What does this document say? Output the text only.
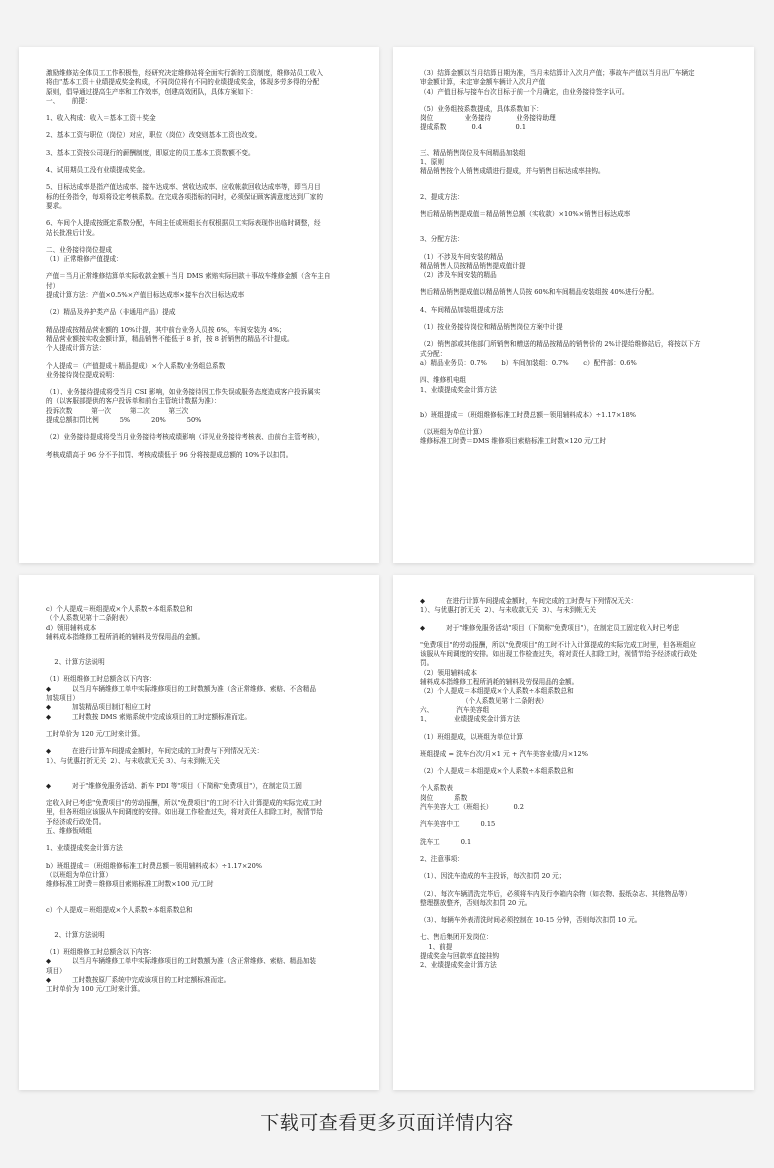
激励维修站全体员工工作积极性，经研究决定维修站将全面实行新的工资制度，维修站员工收入
将由"基本工资＋业绩提成奖金构成，不同岗位将有不同的业绩提成奖金，体现多劳多得的分配
原则，倡导通过提高生产率和工作效率，创建高效团队，具体方案如下：
一、      前提：
1、收入构成：收入＝基本工资＋奖金
2、基本工资与职位（岗位）对应，职位（岗位）改变则基本工资也改变。
3、基本工资按公司现行的薪酬制度，即原定的员工基本工资数额不变。
4、试用期员工没有业绩提成奖金。
5、目标达成率是指产值达成率、接车达成率、营收达成率、应收帐款回收达成率等，即当月目
标的任务指令，每项将设定考核系数。在完成各项指标的同时，必须保证顾客满意度达到厂家的
要求。
6、车间个人提成按既定系数分配，车间主任或班组长有权根据员工实际表现作出临时调整，经
站长批准后计发。
二、业务接待岗位提成
（1）正常维修产值提成：
产值＝当月正常维修结算单实际收款金额＋当月 DMS 索赔实际回款＋事故车维修金额（含车主自
付）
提成计算方法：产值×0.5%×产值目标达成率×接车台次目标达成率
（2）精品及养护类产品（非通用产品）提成
精品提成按精品营业额的 10%计提，其中前台业务人员按 6%，车间安装为 4%；
精品营业额按实收金额计算，精品销售不能低于 8 折，按 8 折销售的精品不计提成。
个人提成计算方法：
个人提成＝（产值提成＋精品提成）×个人系数/业务组总系数
业务接待岗位提成说明：
（1）、业务接待提成将受当月 CSI 影响，如业务接待因工作失误或服务态度造成客户投诉属实
的（以客服部提供的客户投诉单和前台主管统计数据为准）：
投诉次数         第一次         第二次         第三次
提成总额扣罚比例          5%          20%          50%
（2）业务接待提成将受当月业务接待考核成绩影响（详见业务接待考核表、由前台主管考核），
考核成绩高于 96 分不予扣罚、考核成绩低于 96 分将按提成总额的 10%予以扣罚。
（3）结算金额以当月结算日期为准，当月未结算计入次月产值；事故车产值以当月出厂车辆定
审金额计算，未定审金额车辆计入次月产值
（4）产值目标与接车台次目标于前一个月确定，由业务接待签字认可。
（5）业务组按系数提成，具体系数如下：
岗位               业务接待            业务接待助理
提成系数            0.4                0.1
三、精品销售岗位及车间精品加装组
1、原则
精品销售按个人销售成绩进行提成，并与销售目标达成率挂钩。
2、提成方法：
售后精品销售提成值＝精品销售总额（实收款）×10%×销售目标达成率
3、分配方法：
（1）不涉及车间安装的精品
精品销售人员按精品销售提成值计提
（2）涉及车间安装的精品
售后精品销售提成值以精品销售人员按 60%和车间精品安装组按 40%进行分配。
4、车间精品加装组提成方法
（1）按业务接待岗位和精品销售岗位方案中计提
（2）销售部或其他部门所销售和赠送的精品按精品的销售价的 2%计提给维修站后，将按以下方
式分配：
a）精品业务员：0.7%       b）车间加装组：0.7%       c）配件部：0.6%
四、维修机电组
1、业绩提成奖金计算方法
b）班组提成＝（班组维修标准工时费总额－领用辅料成本）÷1.17×18%
（以班组为单位计算）
维修标准工时费＝DMS 维修项目索赔标准工时数×120 元/工时
c）个人提成＝班组提成×个人系数÷本组系数总和
（个人系数见第十二条附表）
d）领用辅料成本
辅料成本指维修工程所消耗的辅料及劳保用品的金额。
2、计算方法说明
（1）班组维修工时总额含以下内容：
◆          以当月车辆维修工单中实际维修项目的工时数额为准（含正常维修、索赔、不含精品
加装项目）
◆          加装精品项目制订相应工时
◆          工时数按 DMS 索赔系统中完成该项目的工时定额标准而定。
工时单价为 120 元/工时来计算。
◆          在进行计算车间提成金额时，车间完成的工时费与下列情况无关：
1）、与优惠打折无关  2）、与未收款无关 3）、与未到帐无关
◆          对于"维修免服务活动、新车 PDI 等"项目（下简称"免费项目"），在制定员工固
定收入时已考虑"免费项目"的劳动报酬，所以"免费项目"的工时不计入计算提成的实际完成工时
里，但各班组应该服从车间调度的安排。如出现工作检查过失，将对责任人扣除工时，视情节给
予经济或行政处罚。
五、维修钣喷组
1、业绩提成奖金计算方法
b）班组提成＝（班组维修标准工时费总额－领用辅料成本）÷1.17×20%
（以班组为单位计算）
维修标准工时费＝维修项目索赔标准工时数×100 元/工时
c）个人提成＝班组提成×个人系数÷本组系数总和
2、计算方法说明
（1）班组维修工时总额含以下内容：
◆          以当月车辆维修工单中实际维修项目的工时数额为准（含正常维修、索赔、精品加装
项目）
◆          工时数按原厂系统中完成该项目的工时定额标准而定。
工时单价为 100 元/工时来计算。
◆          在进行计算车间提成金额时，车间完成的工时费与下列情况无关：
1）、与优惠打折无关  2）、与未收款无关  3）、与未到帐无关
◆          对于"维修免服务活动"项目（下简称"免费项目"），在制定员工固定收入时已考虑
"免费项目"的劳动报酬，所以"免费项目"的工时不计入计算提成的实际完成工时里，但各班组应
该服从车间调度的安排。如出现工作检查过失，将对责任人扣除工时，视情节给予经济或行政处
罚。
（2）领用辅料成本
辅料成本指维修工程所消耗的辅料及劳保用品的金额。
（2）个人提成＝本组提成×个人系数÷本组系数总和
（个人系数见第十二条附表）
六、           汽车美容组
1、           业绩提成奖金计算方法
（1）班组提成，以班组为单位计算
班组提成 = 洗车台次/月×1 元 + 汽车美容业绩/月×12%
（2）个人提成＝本组提成×个人系数÷本组系数总和
个人系数表
岗位          系数
汽车美容大工（班组长）          0.2
汽车美容中工          0.15
洗车工          0.1
2、注意事项：
（1）、因洗车造成的车主投诉，每次扣罚 20 元；
（2）、每次车辆清洗完毕后，必须将车内及行李箱内杂物（如衣物、报纸杂志、其他物品等）
整理摆放整齐，否则每次扣罚 20 元。
（3）、每辆车外表清洗时间必须控制在 10-15 分钟，否则每次扣罚 10 元。
七、售后集团开发岗位：
1、前提
提成奖金与回款率直接挂钩
2、业绩提成奖金计算方法
下载可查看更多页面详情内容
